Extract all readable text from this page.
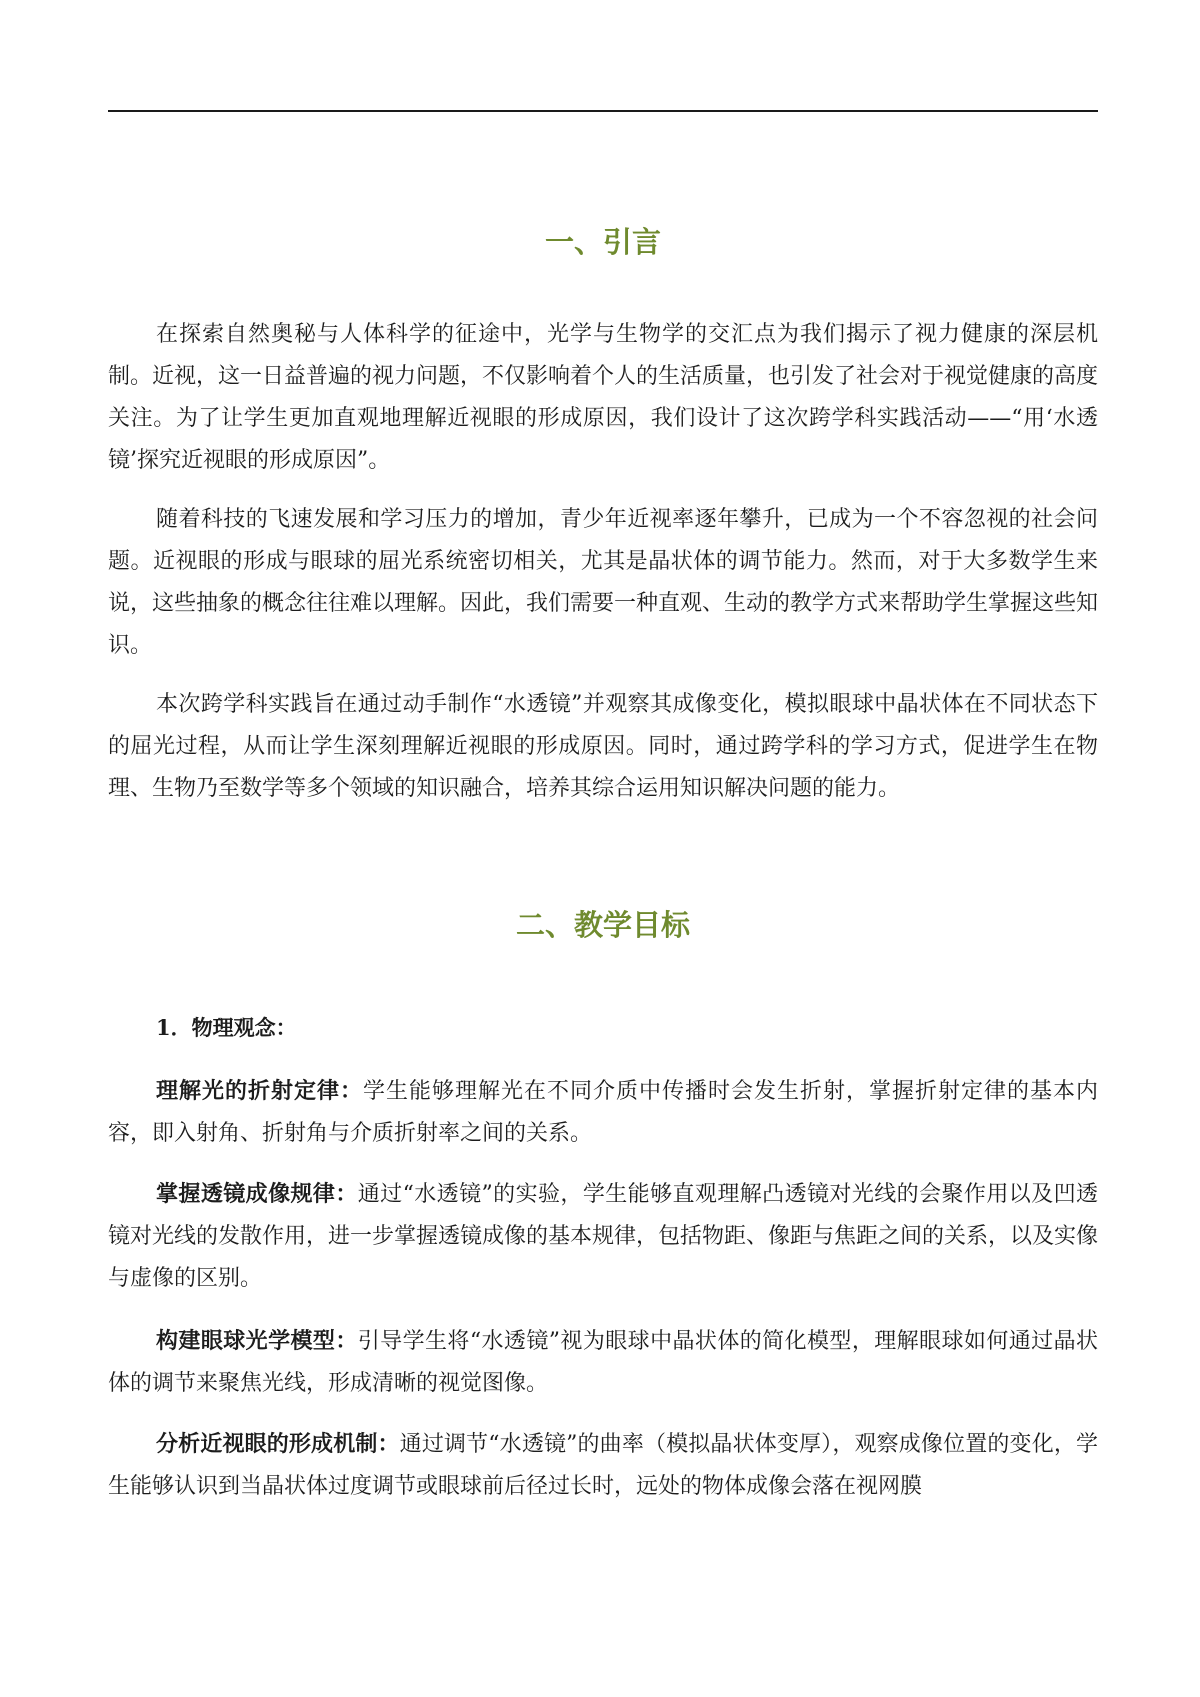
一、引言

在探索自然奥秘与人体科学的征途中，光学与生物学的交汇点为我们揭示了视力健康的深层机制。近视，这一日益普遍的视力问题，不仅影响着个人的生活质量，也引发了社会对于视觉健康的高度关注。为了让学生更加直观地理解近视眼的形成原因，我们设计了这次跨学科实践活动——“用‘水透镜’探究近视眼的形成原因”。

随着科技的飞速发展和学习压力的增加，青少年近视率逐年攀升，已成为一个不容忽视的社会问题。近视眼的形成与眼球的屈光系统密切相关，尤其是晶状体的调节能力。然而，对于大多数学生来说，这些抽象的概念往往难以理解。因此，我们需要一种直观、生动的教学方式来帮助学生掌握这些知识。

本次跨学科实践旨在通过动手制作“水透镜”并观察其成像变化，模拟眼球中晶状体在不同状态下的屈光过程，从而让学生深刻理解近视眼的形成原因。同时，通过跨学科的学习方式，促进学生在物理、生物乃至数学等多个领域的知识融合，培养其综合运用知识解决问题的能力。

二、教学目标

1．物理观念：

理解光的折射定律：学生能够理解光在不同介质中传播时会发生折射，掌握折射定律的基本内容，即入射角、折射角与介质折射率之间的关系。

掌握透镜成像规律：通过“水透镜”的实验，学生能够直观理解凸透镜对光线的会聚作用以及凹透镜对光线的发散作用，进一步掌握透镜成像的基本规律，包括物距、像距与焦距之间的关系，以及实像与虚像的区别。

构建眼球光学模型：引导学生将“水透镜”视为眼球中晶状体的简化模型，理解眼球如何通过晶状体的调节来聚焦光线，形成清晰的视觉图像。

分析近视眼的形成机制：通过调节“水透镜”的曲率（模拟晶状体变厚），观察成像位置的变化，学生能够认识到当晶状体过度调节或眼球前后径过长时，远处的物体成像会落在视网膜
